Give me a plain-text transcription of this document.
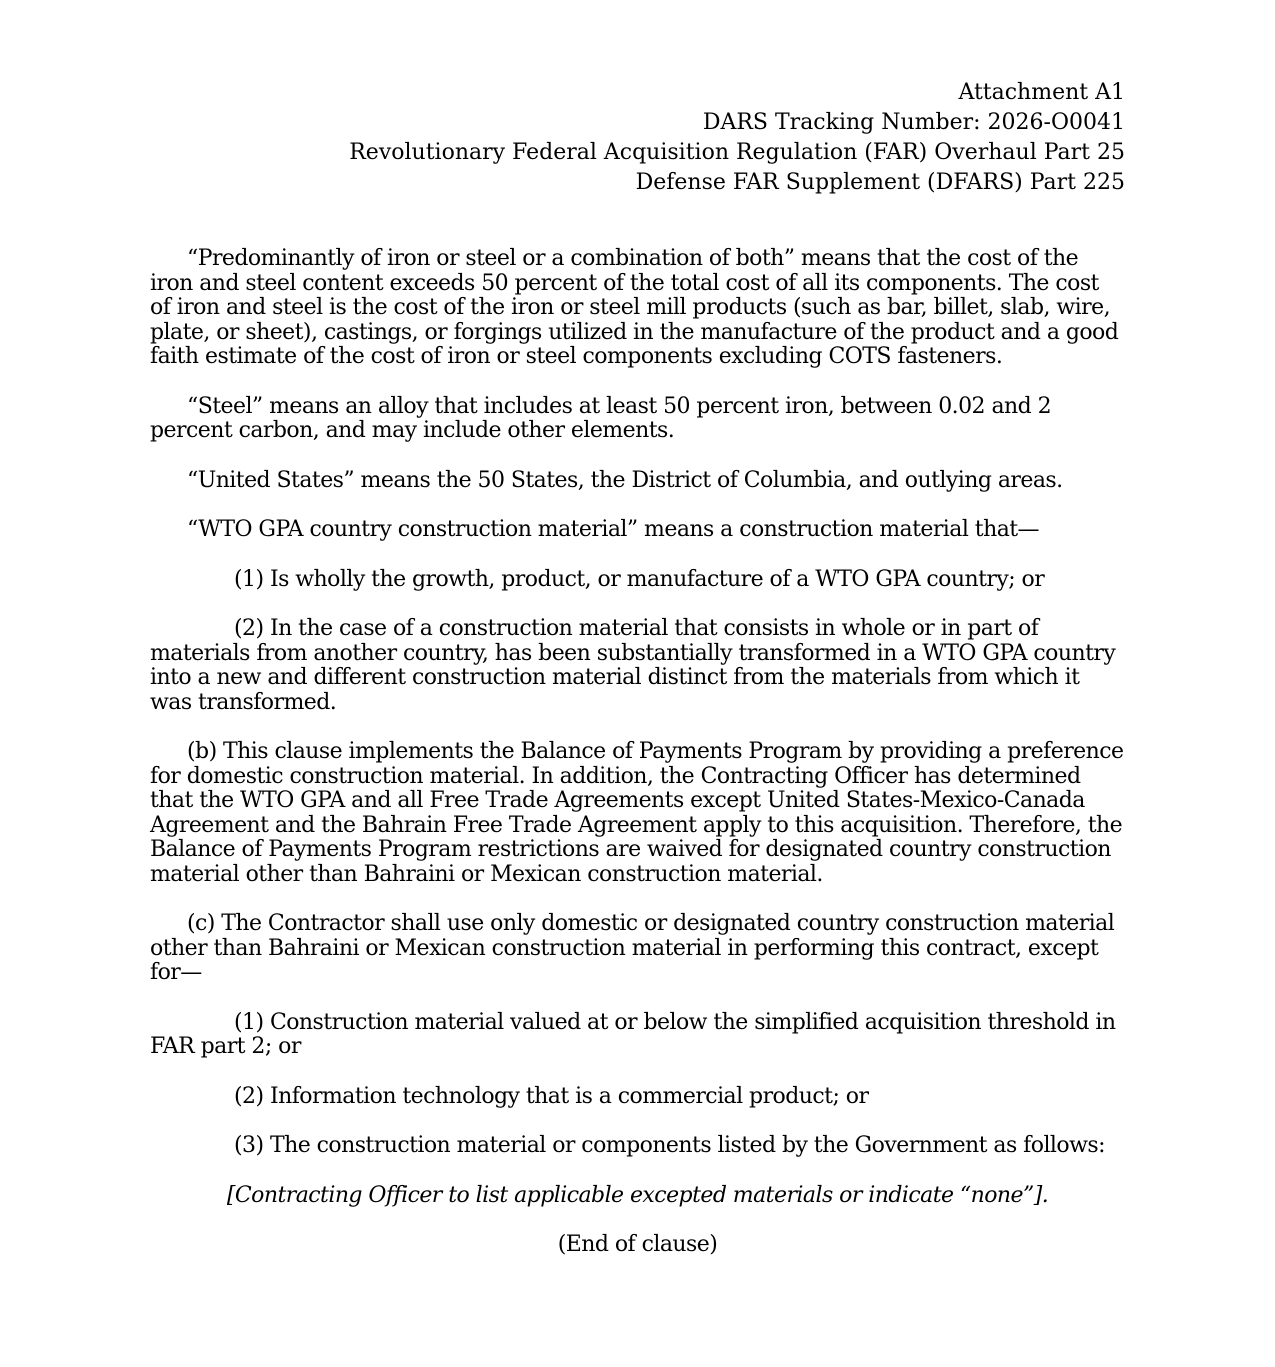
Attachment A1
DARS Tracking Number: 2026-O0041
Revolutionary Federal Acquisition Regulation (FAR) Overhaul Part 25
Defense FAR Supplement (DFARS) Part 225

“Predominantly of iron or steel or a combination of both” means that the cost of the iron and steel content exceeds 50 percent of the total cost of all its components. The cost of iron and steel is the cost of the iron or steel mill products (such as bar, billet, slab, wire, plate, or sheet), castings, or forgings utilized in the manufacture of the product and a good faith estimate of the cost of iron or steel components excluding COTS fasteners.

“Steel” means an alloy that includes at least 50 percent iron, between 0.02 and 2 percent carbon, and may include other elements.

“United States” means the 50 States, the District of Columbia, and outlying areas.

“WTO GPA country construction material” means a construction material that—

(1) Is wholly the growth, product, or manufacture of a WTO GPA country; or

(2) In the case of a construction material that consists in whole or in part of materials from another country, has been substantially transformed in a WTO GPA country into a new and different construction material distinct from the materials from which it was transformed.

(b) This clause implements the Balance of Payments Program by providing a preference for domestic construction material. In addition, the Contracting Officer has determined that the WTO GPA and all Free Trade Agreements except United States-Mexico-Canada Agreement and the Bahrain Free Trade Agreement apply to this acquisition. Therefore, the Balance of Payments Program restrictions are waived for designated country construction material other than Bahraini or Mexican construction material.

(c) The Contractor shall use only domestic or designated country construction material other than Bahraini or Mexican construction material in performing this contract, except for—

(1) Construction material valued at or below the simplified acquisition threshold in FAR part 2; or

(2) Information technology that is a commercial product; or

(3) The construction material or components listed by the Government as follows:

[Contracting Officer to list applicable excepted materials or indicate “none”].

(End of clause)
